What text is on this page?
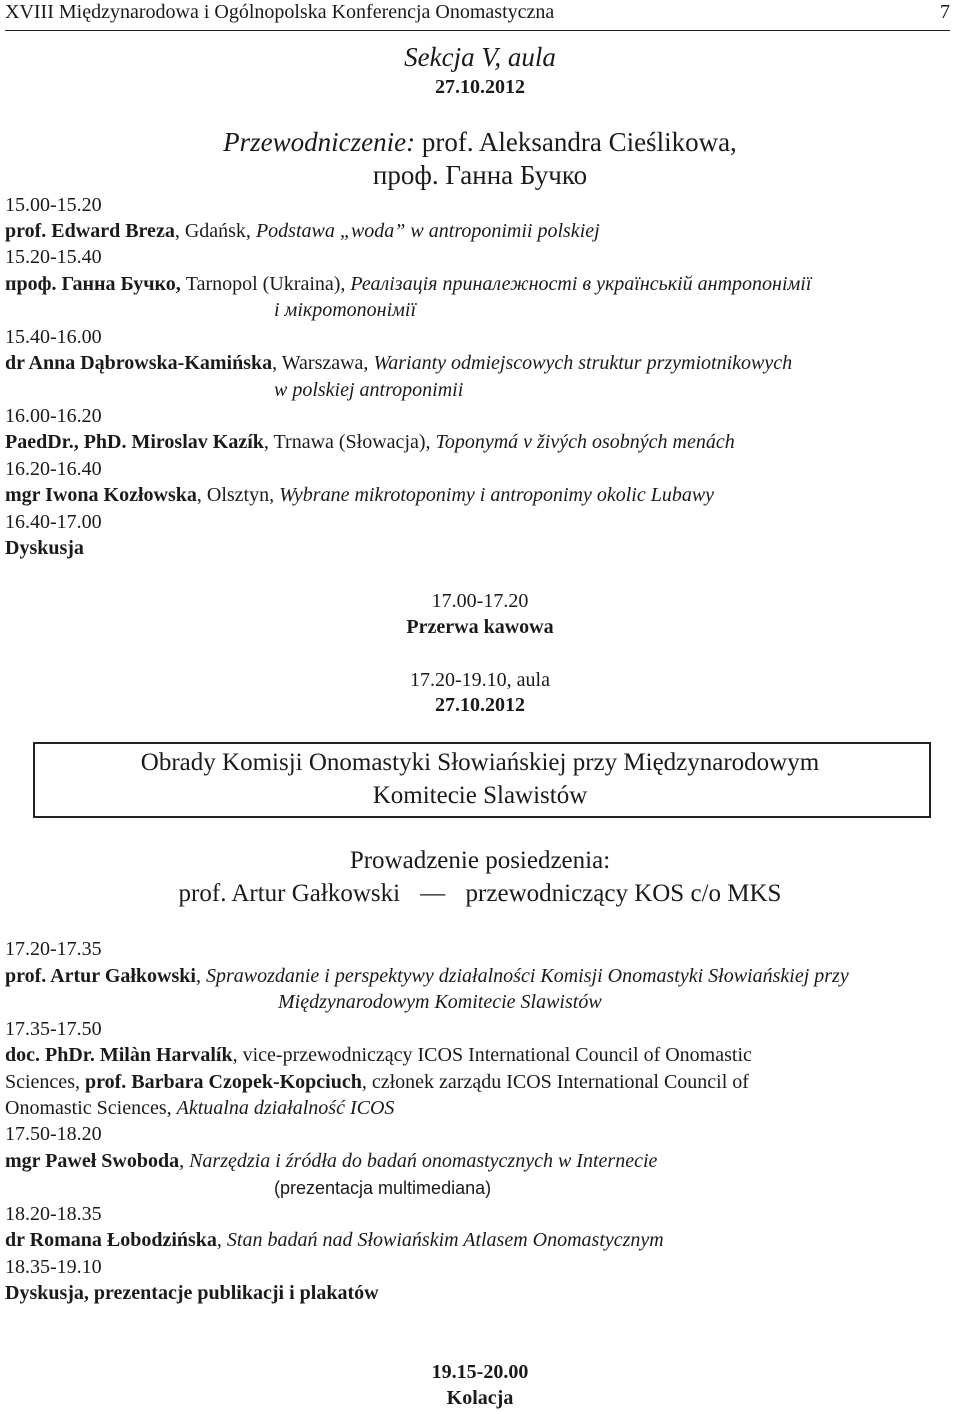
XVIII Międzynarodowa i Ogólnopolska Konferencja Onomastyczna	7
Sekcja V, aula
27.10.2012
Przewodniczenie: prof. Aleksandra Cieślikowa,
проф. Ганна Бучко
15.00-15.20
prof. Edward Breza, Gdańsk, Podstawa „woda” w antroponimii polskiej
15.20-15.40
проф. Ганна Бучко, Tarnopol (Ukraina), Реалізація приналежності в українській антропонімії
і мікротопонімії
15.40-16.00
dr Anna Dąbrowska-Kamińska, Warszawa, Warianty odmiejscowych struktur przymiotnikowych
w polskiej antroponimii
16.00-16.20
PaedDr., PhD. Miroslav Kazík, Trnawa (Słowacja), Toponymá v živých osobných menách
16.20-16.40
mgr Iwona Kozłowska, Olsztyn, Wybrane mikrotoponimy i antroponimy okolic Lubawy
16.40-17.00
Dyskusja
17.00-17.20
Przerwa kawowa
17.20-19.10, aula
27.10.2012
Obrady Komisji Onomastyki Słowiańskiej przy Międzynarodowym
Komitecie Slawistów
Prowadzenie posiedzenia:
prof. Artur Gałkowski — przewodniczący KOS c/o MKS
17.20-17.35
prof. Artur Gałkowski, Sprawozdanie i perspektywy działalności Komisji Onomastyki Słowiańskiej przy
Międzynarodowym Komitecie Slawistów
17.35-17.50
doc. PhDr. Milàn Harvalík, vice-przewodniczący ICOS International Council of Onomastic
Sciences, prof. Barbara Czopek-Kopciuch, członek zarządu ICOS International Council of
Onomastic Sciences, Aktualna działalność ICOS
17.50-18.20
mgr Paweł Swoboda, Narzędzia i źródła do badań onomastycznych w Internecie
(prezentacja multimediana)
18.20-18.35
dr Romana Łobodzińska, Stan badań nad Słowiańskim Atlasem Onomastycznym
18.35-19.10
Dyskusja, prezentacje publikacji i plakatów
19.15-20.00
Kolacja
